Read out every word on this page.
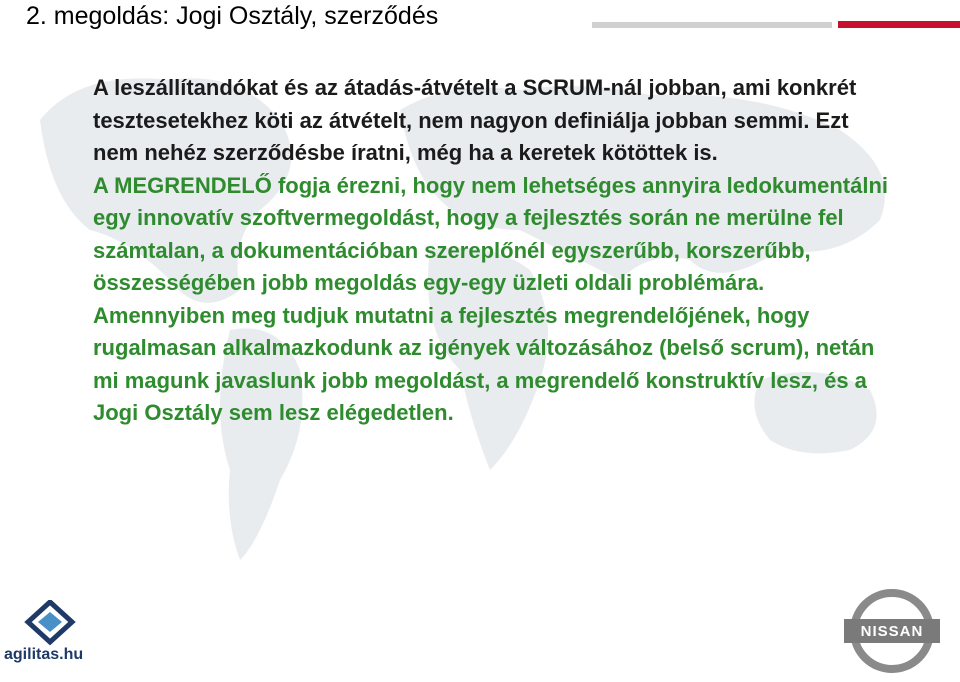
2. megoldás: Jogi Osztály, szerződés

A leszállítandókat és az átadás-átvételt a SCRUM-nál jobban, ami konkrét tesztesetekhez köti az átvételt, nem nagyon definiálja jobban semmi. Ezt nem nehéz szerződésbe íratni, még ha a keretek kötöttek is.

A MEGRENDELŐ fogja érezni, hogy nem lehetséges annyira ledokumentálni egy innovatív szoftvermegoldást, hogy a fejlesztés során ne merülne fel számtalan, a dokumentációban szereplőnél egyszerűbb, korszerűbb, összességében jobb megoldás egy-egy üzleti oldali problémára. Amennyiben meg tudjuk mutatni a fejlesztés megrendelőjének, hogy rugalmasan alkalmazkodunk az igények változásához (belső scrum), netán mi magunk javaslunk jobb megoldást, a megrendelő konstruktív lesz, és a Jogi Osztály sem lesz elégedetlen.

Az agilis szoftverfejlesztés kihívásai a való világban
agilitas.hu
NISSAN
